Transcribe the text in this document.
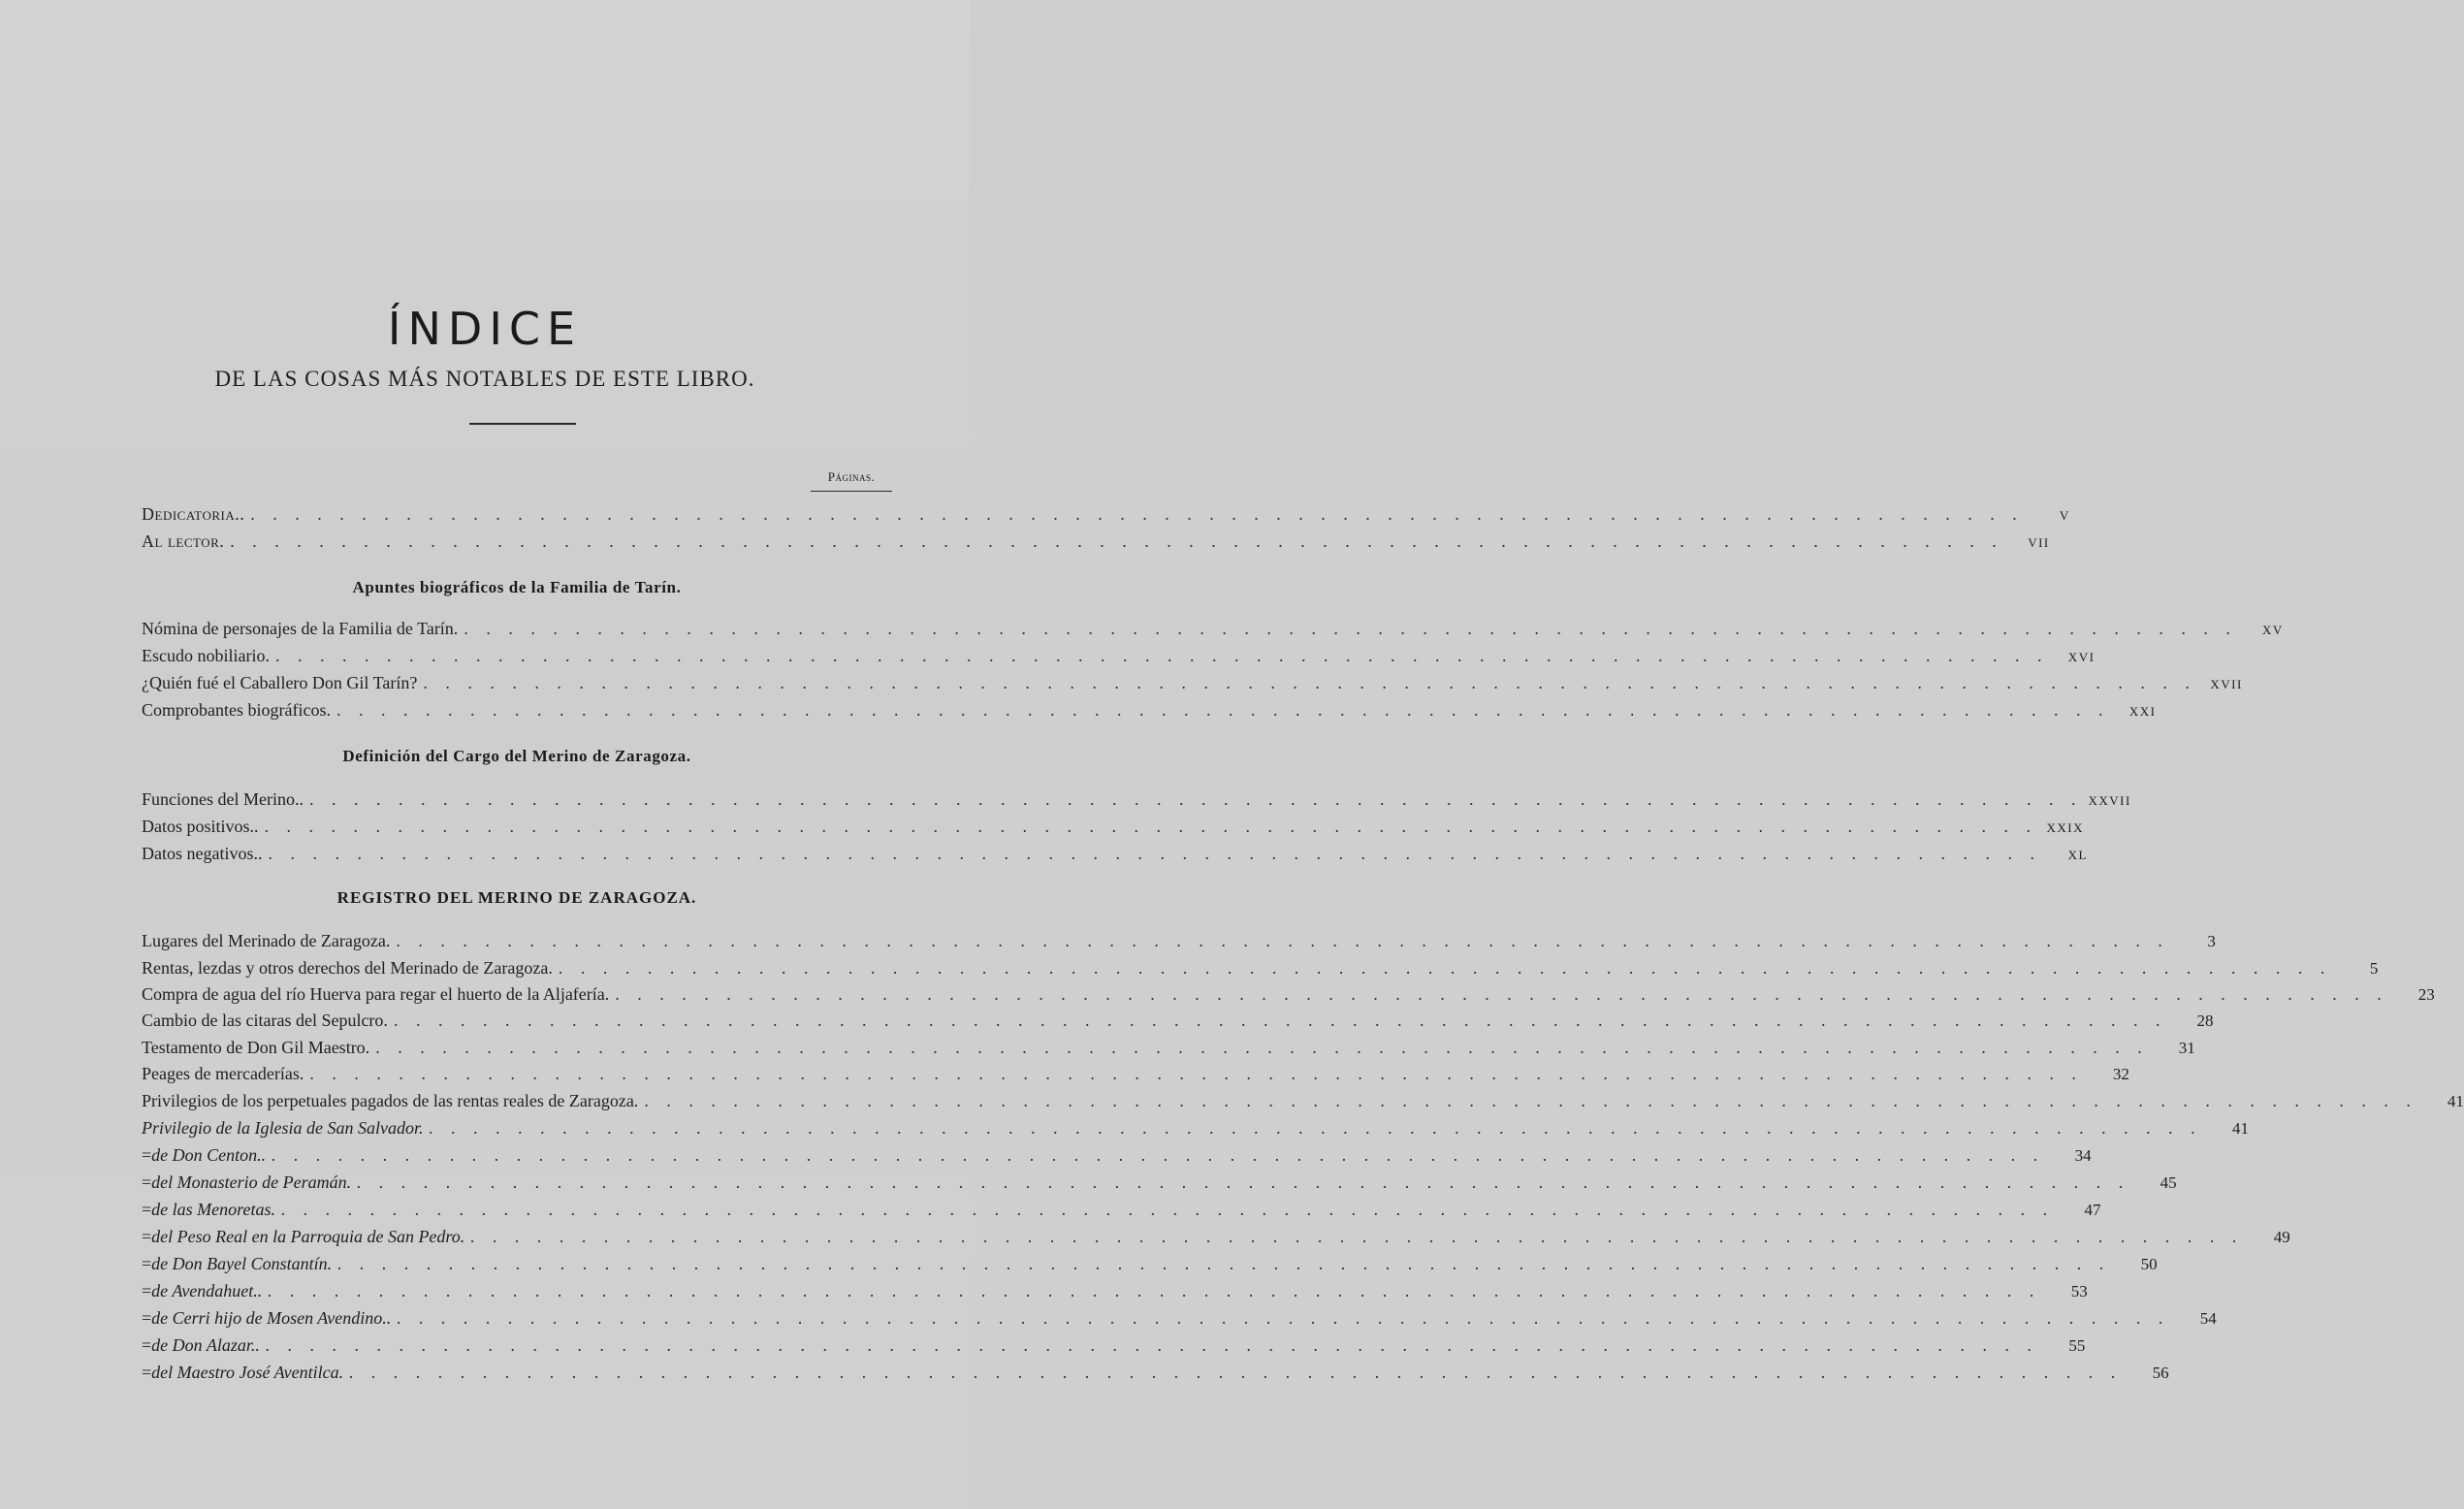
ÍNDICE
DE LAS COSAS MÁS NOTABLES DE ESTE LIBRO.
Páginas.
Dedicatoria.. . . . . . . . . . . . . . . . . . . . . . . . . . . . . . . . . . . . . . . . . . . . . . . . . . . . . . . . . . . . . . . . . . . . . . . . . . . . . . . . .	V
Al lector. . . . . . . . . . . . . . . . . . . . . . . . . . . . . . . . . . . . . . . . . . . . . . . . . . . . . . . . . . . . . . . . . . . . . . . . . . . . . . . . .	VII
Apuntes biográficos de la Familia de Tarín.
Nómina de personajes de la Familia de Tarín. . . . . . . . . . . . . . . . . . . . . . . . . . . . . . . . . . . . . . . . . . . . . . . . . . . . . . . . . . . . . . . . . . . . . . . . . . . . . . . . .	XV
Escudo nobiliario. . . . . . . . . . . . . . . . . . . . . . . . . . . . . . . . . . . . . . . . . . . . . . . . . . . . . . . . . . . . . . . . . . . . . . . . . . . . . . . . .	XVI
¿Quién fué el Caballero Don Gil Tarín? . . . . . . . . . . . . . . . . . . . . . . . . . . . . . . . . . . . . . . . . . . . . . . . . . . . . . . . . . . . . . . . . . . . . . . . . . . . . . . . .	XVII
Comprobantes biográficos. . . . . . . . . . . . . . . . . . . . . . . . . . . . . . . . . . . . . . . . . . . . . . . . . . . . . . . . . . . . . . . . . . . . . . . . . . . . . . . . .	XXI
Definición del Cargo del Merino de Zaragoza.
Funciones del Merino.. . . . . . . . . . . . . . . . . . . . . . . . . . . . . . . . . . . . . . . . . . . . . . . . . . . . . . . . . . . . . . . . . . . . . . . . . . . . . . . . . XXVII
Datos positivos.. . . . . . . . . . . . . . . . . . . . . . . . . . . . . . . . . . . . . . . . . . . . . . . . . . . . . . . . . . . . . . . . . . . . . . . . . . . . . . . . . XXIX
Datos negativos.. . . . . . . . . . . . . . . . . . . . . . . . . . . . . . . . . . . . . . . . . . . . . . . . . . . . . . . . . . . . . . . . . . . . . . . . . . . . . . . . .	XL
REGISTRO DEL MERINO DE ZARAGOZA.
Lugares del Merinado de Zaragoza. . . . . . . . . . . . . . . . . . . . . . . . . . . . . . . . . . . . . . . . . . . . . . . . . . . . . . . . . . . . . . . . . . . . . . . . . . . . . . . . .	3
Rentas, lezdas y otros derechos del Merinado de Zaragoza. . . . . . . . . . . . . . . . . . . . . . . . . . . . . . . . . . . . . . . . . . . . . . . . . . . . . . . . . . . . . . . . . . . . . . . . . . . . . . . . .	5
Compra de agua del río Huerva para regar el huerto de la Aljafería. . . . . . . . . . . . . . . . . . . . . . . . . . . . . . . . . . . . . . . . . . . . . . . . . . . . . . . . . . . . . . . . . . . . . . . . . . . . . . . . .	23
Cambio de las citaras del Sepulcro. . . . . . . . . . . . . . . . . . . . . . . . . . . . . . . . . . . . . . . . . . . . . . . . . . . . . . . . . . . . . . . . . . . . . . . . . . . . . . . . .	28
Testamento de Don Gil Maestro. . . . . . . . . . . . . . . . . . . . . . . . . . . . . . . . . . . . . . . . . . . . . . . . . . . . . . . . . . . . . . . . . . . . . . . . . . . . . . . . .	31
Peages de mercaderías. . . . . . . . . . . . . . . . . . . . . . . . . . . . . . . . . . . . . . . . . . . . . . . . . . . . . . . . . . . . . . . . . . . . . . . . . . . . . . . . .	32
Privilegios de los perpetuales pagados de las rentas reales de Zaragoza. . . . . . . . . . . . . . . . . . . . . . . . . . . . . . . . . . . . . . . . . . . . . . . . . . . . . . . . . . . . . . . . . . . . . . . . . . . . . . . . .	41
Privilegio de la Iglesia de San Salvador. . . . . . . . . . . . . . . . . . . . . . . . . . . . . . . . . . . . . . . . . . . . . . . . . . . . . . . . . . . . . . . . . . . . . . . . . . . . . . . . .	41
= de Don Centon.. . . . . . . . . . . . . . . . . . . . . . . . . . . . . . . . . . . . . . . . . . . . . . . . . . . . . . . . . . . . . . . . . . . . . . . . . . . . . . . . .	34
= del Monasterio de Peramán. . . . . . . . . . . . . . . . . . . . . . . . . . . . . . . . . . . . . . . . . . . . . . . . . . . . . . . . . . . . . . . . . . . . . . . . . . . . . . . . .	45
= de las Menoretas. . . . . . . . . . . . . . . . . . . . . . . . . . . . . . . . . . . . . . . . . . . . . . . . . . . . . . . . . . . . . . . . . . . . . . . . . . . . . . . . .	47
= del Peso Real en la Parroquia de San Pedro. . . . . . . . . . . . . . . . . . . . . . . . . . . . . . . . . . . . . . . . . . . . . . . . . . . . . . . . . . . . . . . . . . . . . . . . . . . . . . . . .	49
= de Don Bayel Constantín. . . . . . . . . . . . . . . . . . . . . . . . . . . . . . . . . . . . . . . . . . . . . . . . . . . . . . . . . . . . . . . . . . . . . . . . . . . . . . . . .	50
= de Avendahuet.. . . . . . . . . . . . . . . . . . . . . . . . . . . . . . . . . . . . . . . . . . . . . . . . . . . . . . . . . . . . . . . . . . . . . . . . . . . . . . . . .	53
= de Cerri hijo de Mosen Avendino.. . . . . . . . . . . . . . . . . . . . . . . . . . . . . . . . . . . . . . . . . . . . . . . . . . . . . . . . . . . . . . . . . . . . . . . . . . . . . . . . .	54
= de Don Alazar.. . . . . . . . . . . . . . . . . . . . . . . . . . . . . . . . . . . . . . . . . . . . . . . . . . . . . . . . . . . . . . . . . . . . . . . . . . . . . . . . .	55
= del Maestro José Aventilca. . . . . . . . . . . . . . . . . . . . . . . . . . . . . . . . . . . . . . . . . . . . . . . . . . . . . . . . . . . . . . . . . . . . . . . . . . . . . . . . .	56
